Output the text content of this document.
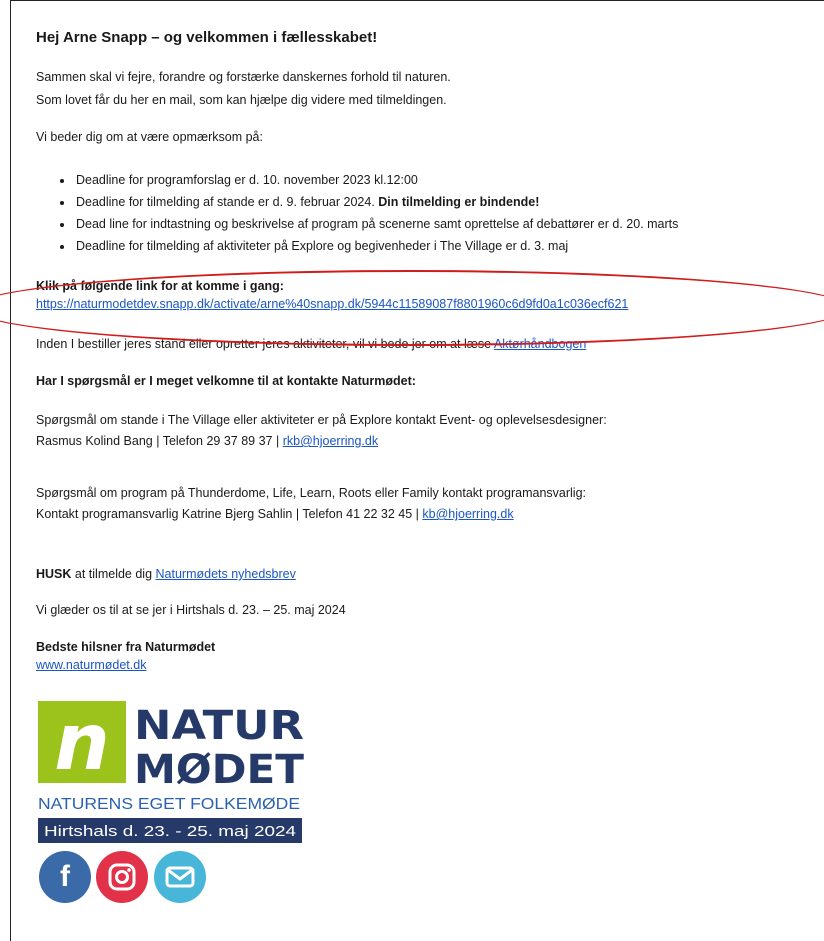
Hej Arne Snapp – og velkommen i fællesskabet!

Sammen skal vi fejre, forandre og forstærke danskernes forhold til naturen.

Som lovet får du her en mail, som kan hjælpe dig videre med tilmeldingen.

Vi beder dig om at være opmærksom på:

• Deadline for programforslag er d. 10. november 2023 kl.12:00
• Deadline for tilmelding af stande er d. 9. februar 2024. Din tilmelding er bindende!
• Dead line for indtastning og beskrivelse af program på scenerne samt oprettelse af debattører er d. 20. marts
• Deadline for tilmelding af aktiviteter på Explore og begivenheder i The Village er d. 3. maj

Klik på følgende link for at komme i gang:

https://naturmodetdev.snapp.dk/activate/arne%40snapp.dk/5944c11589087f8801960c6d9fd0a1c036ecf621

Inden I bestiller jeres stand eller opretter jeres aktiviteter, vil vi bede jer om at læse Aktørhåndbogen

Har I spørgsmål er I meget velkomne til at kontakte Naturmødet:

Spørgsmål om stande i The Village eller aktiviteter er på Explore kontakt Event- og oplevelsesdesigner:

Rasmus Kolind Bang | Telefon 29 37 89 37 | rkb@hjoerring.dk

Spørgsmål om program på Thunderdome, Life, Learn, Roots eller Family kontakt programansvarlig:

Kontakt programansvarlig Katrine Bjerg Sahlin | Telefon 41 22 32 45 | kb@hjoerring.dk

HUSK at tilmelde dig Naturmødets nyhedsbrev

Vi glæder os til at se jer i Hirtshals d. 23. – 25. maj 2024

Bedste hilsner fra Naturmødet

www.naturmødet.dk

n NATUR
MØDET
NATURENS EGET FOLKEMØDE
Hirtshals d. 23. - 25. maj 2024
f
